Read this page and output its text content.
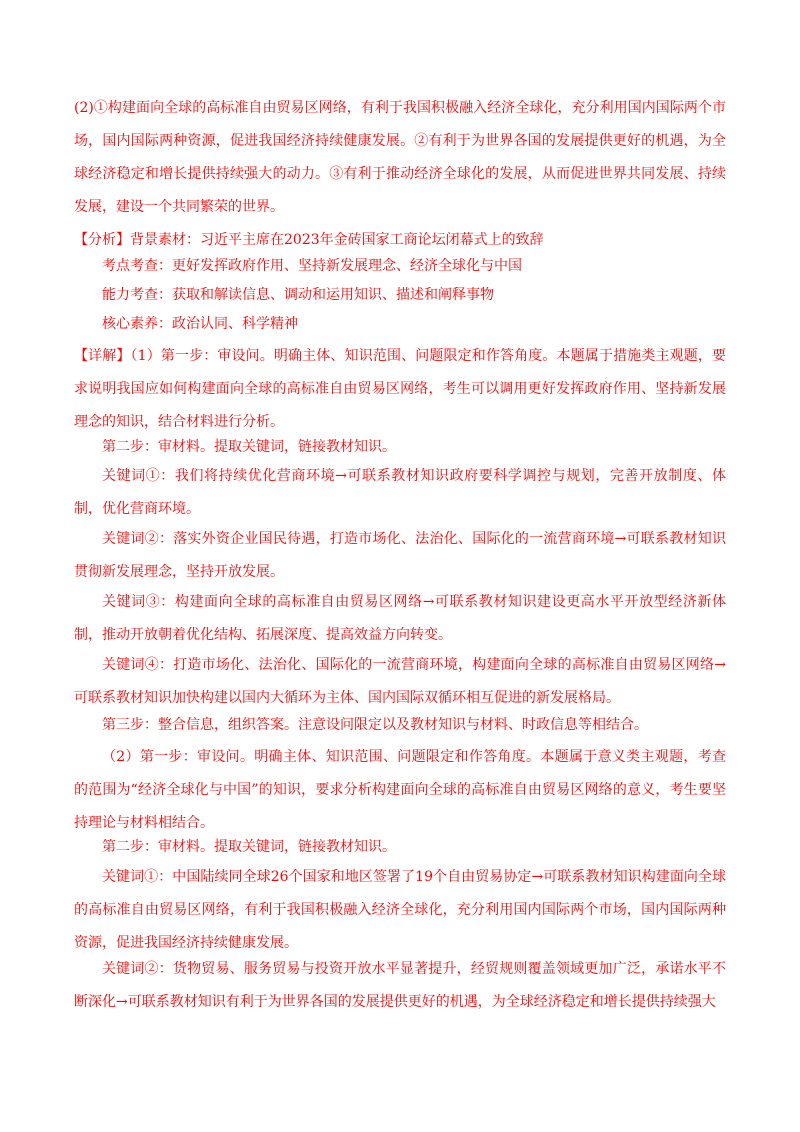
(2)①构建面向全球的高标准自由贸易区网络，有利于我国积极融入经济全球化，充分利用国内国际两个市场，国内国际两种资源，促进我国经济持续健康发展。②有利于为世界各国的发展提供更好的机遇，为全球经济稳定和增长提供持续强大的动力。③有利于推动经济全球化的发展，从而促进世界共同发展、持续发展，建设一个共同繁荣的世界。

【分析】背景素材：习近平主席在2023年金砖国家工商论坛闭幕式上的致辞

考点考查：更好发挥政府作用、坚持新发展理念、经济全球化与中国

能力考查：获取和解读信息、调动和运用知识、描述和阐释事物

核心素养：政治认同、科学精神

【详解】（1）第一步：审设问。明确主体、知识范围、问题限定和作答角度。本题属于措施类主观题，要求说明我国应如何构建面向全球的高标准自由贸易区网络，考生可以调用更好发挥政府作用、坚持新发展理念的知识，结合材料进行分析。

第二步：审材料。提取关键词，链接教材知识。

关键词①：我们将持续优化营商环境→可联系教材知识政府要科学调控与规划，完善开放制度、体制，优化营商环境。

关键词②：落实外资企业国民待遇，打造市场化、法治化、国际化的一流营商环境→可联系教材知识贯彻新发展理念，坚持开放发展。

关键词③：构建面向全球的高标准自由贸易区网络→可联系教材知识建设更高水平开放型经济新体制，推动开放朝着优化结构、拓展深度、提高效益方向转变。

关键词④：打造市场化、法治化、国际化的一流营商环境，构建面向全球的高标准自由贸易区网络→可联系教材知识加快构建以国内大循环为主体、国内国际双循环相互促进的新发展格局。

第三步：整合信息，组织答案。注意设问限定以及教材知识与材料、时政信息等相结合。

（2）第一步：审设问。明确主体、知识范围、问题限定和作答角度。本题属于意义类主观题，考查的范围为“经济全球化与中国”的知识，要求分析构建面向全球的高标准自由贸易区网络的意义，考生要坚持理论与材料相结合。

第二步：审材料。提取关键词，链接教材知识。

关键词①：中国陆续同全球26个国家和地区签署了19个自由贸易协定→可联系教材知识构建面向全球的高标准自由贸易区网络，有利于我国积极融入经济全球化，充分利用国内国际两个市场，国内国际两种资源，促进我国经济持续健康发展。

关键词②：货物贸易、服务贸易与投资开放水平显著提升，经贸规则覆盖领域更加广泛，承诺水平不断深化→可联系教材知识有利于为世界各国的发展提供更好的机遇，为全球经济稳定和增长提供持续强大
